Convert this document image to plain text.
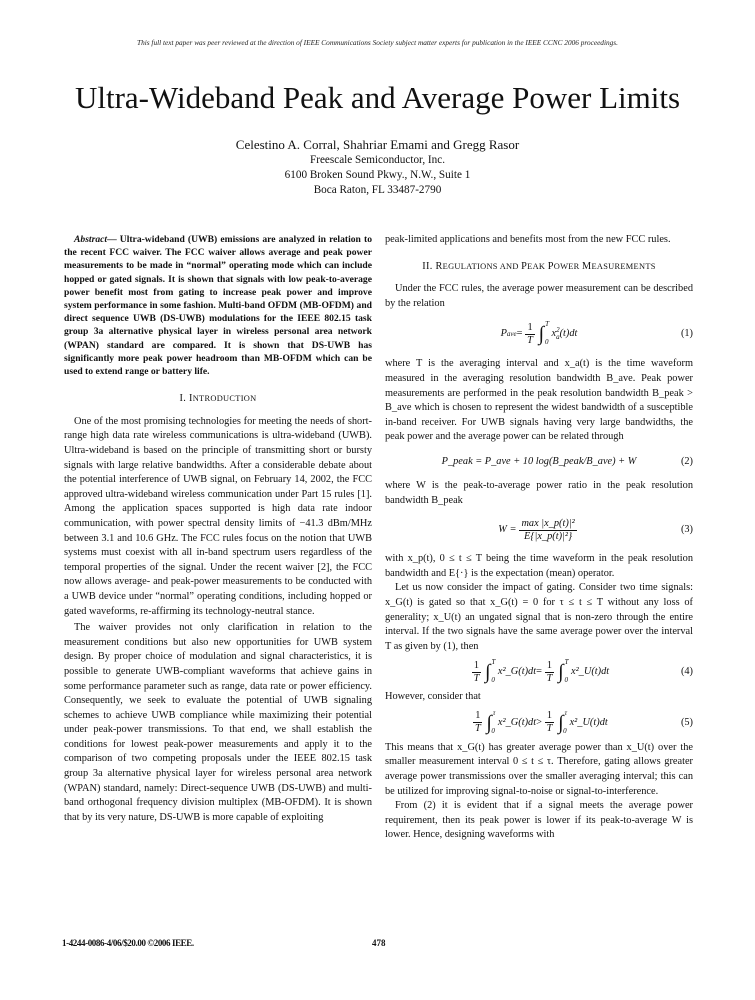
This full text paper was peer reviewed at the direction of IEEE Communications Society subject matter experts for publication in the IEEE CCNC 2006 proceedings.
Ultra-Wideband Peak and Average Power Limits
Celestino A. Corral, Shahriar Emami and Gregg Rasor
Freescale Semiconductor, Inc.
6100 Broken Sound Pkwy., N.W., Suite 1
Boca Raton, FL 33487-2790

Abstract— Ultra-wideband (UWB) emissions are analyzed in relation to the recent FCC waiver. The FCC waiver allows average and peak power measurements to be made in “normal” operating mode which can include hopped or gated signals. It is shown that signals with low peak-to-average power benefit most from gating to increase peak power and improve system performance in some fashion. Multi-band OFDM (MB-OFDM) and direct sequence UWB (DS-UWB) modulations for the IEEE 802.15 task group 3a alternative physical layer in wireless personal area network (WPAN) standard are compared. It is shown that DS-UWB has significantly more peak power headroom than MB-OFDM which can be used to extend range or battery life.

I. INTRODUCTION

One of the most promising technologies for meeting the needs of short-range high data rate wireless communications is ultra-wideband (UWB). Ultra-wideband is based on the principle of transmitting short or bursty signals with large relative bandwidths. After a considerable debate about the potential interference of UWB signal, on February 14, 2002, the FCC approved ultra-wideband wireless communication under Part 15 rules [1]. Among the application spaces supported is high data rate indoor communication, with power spectral density limits of −41.3 dBm/MHz between 3.1 and 10.6 GHz. The FCC rules focus on the notion that UWB systems must coexist with all in-band spectrum users regardless of the temporal properties of the signal. Under the recent waiver [2], the FCC now allows average- and peak-power measurements to be conducted with a UWB device under “normal” operating conditions, including hopped or gated waveforms, re-affirming its technology-neutral stance.

The waiver provides not only clarification in relation to the measurement conditions but also new opportunities for UWB system design. By proper choice of modulation and signal characteristics, it is possible to generate UWB-compliant waveforms that achieve gains in some performance parameter such as range, data rate or power efficiency. Consequently, we seek to evaluate the potential of UWB signaling schemes to achieve UWB compliance while maximizing their potential under peak-power transmissions. To that end, we shall establish the conditions for lowest peak-power measurements and apply it to the comparison of two competing proposals under the IEEE 802.15 task group 3a alternative physical layer for wireless personal area network (WPAN) standard, namely: Direct-sequence UWB (DS-UWB) and multi-band orthogonal frequency division multiplex (MB-OFDM). It is shown that by its very nature, DS-UWB is more capable of exploiting

peak-limited applications and benefits most from the new FCC rules.

II. REGULATIONS AND PEAK POWER MEASUREMENTS

Under the FCC rules, the average power measurement can be described by the relation

P ave = $\frac{1}{T}$ ∫ T
0
x 2
a (t)dt	(1)

where T is the averaging interval and x_a(t) is the time waveform measured in the averaging resolution bandwidth B_ave. Peak power measurements are performed in the peak resolution bandwidth B_peak > B_ave which is chosen to represent the widest bandwidth of a susceptible in-band receiver. For UWB signals having very large bandwidths, the peak power and the average power can be related through

P_peak = P_ave + 10 log(B_peak/B_ave) + W	(2)

where W is the peak-to-average power ratio in the peak resolution bandwidth B_peak

$W = \frac{\text{max |x\_p(t)|²}}{\text{E\{|x\_p(t)|²\}}}$	(3)

with x_p(t), 0 ≤ t ≤ T being the time waveform in the peak resolution bandwidth and E{·} is the expectation (mean) operator.

Let us now consider the impact of gating. Consider two time signals: x_G(t) is gated so that x_G(t) = 0 for τ ≤ t ≤ T without any loss of generality; x_U(t) an ungated signal that is non-zero through the entire interval. If the two signals have the same average power over the interval T as given by (1), then

$\frac{1}{T}$ ∫ T
0
x²_G(t)dt = $\frac{1}{T}$ ∫ T
0
x²_U(t)dt	(4)

However, consider that

$\frac{1}{T}$ ∫ τ
0
x²_G(t)dt > $\frac{1}{T}$ ∫ τ
0
x²_U(t)dt	(5)

This means that x_G(t) has greater average power than x_U(t) over the smaller measurement interval 0 ≤ t ≤ τ. Therefore, gating allows greater average power transmissions over the smaller averaging interval; this can be utilized for improving signal-to-noise or signal-to-interference.

From (2) it is evident that if a signal meets the average power requirement, then its peak power is lower if its peak-to-average W is lower. Hence, designing waveforms with

1-4244-0086-4/06/$20.00 ©2006 IEEE.	478
